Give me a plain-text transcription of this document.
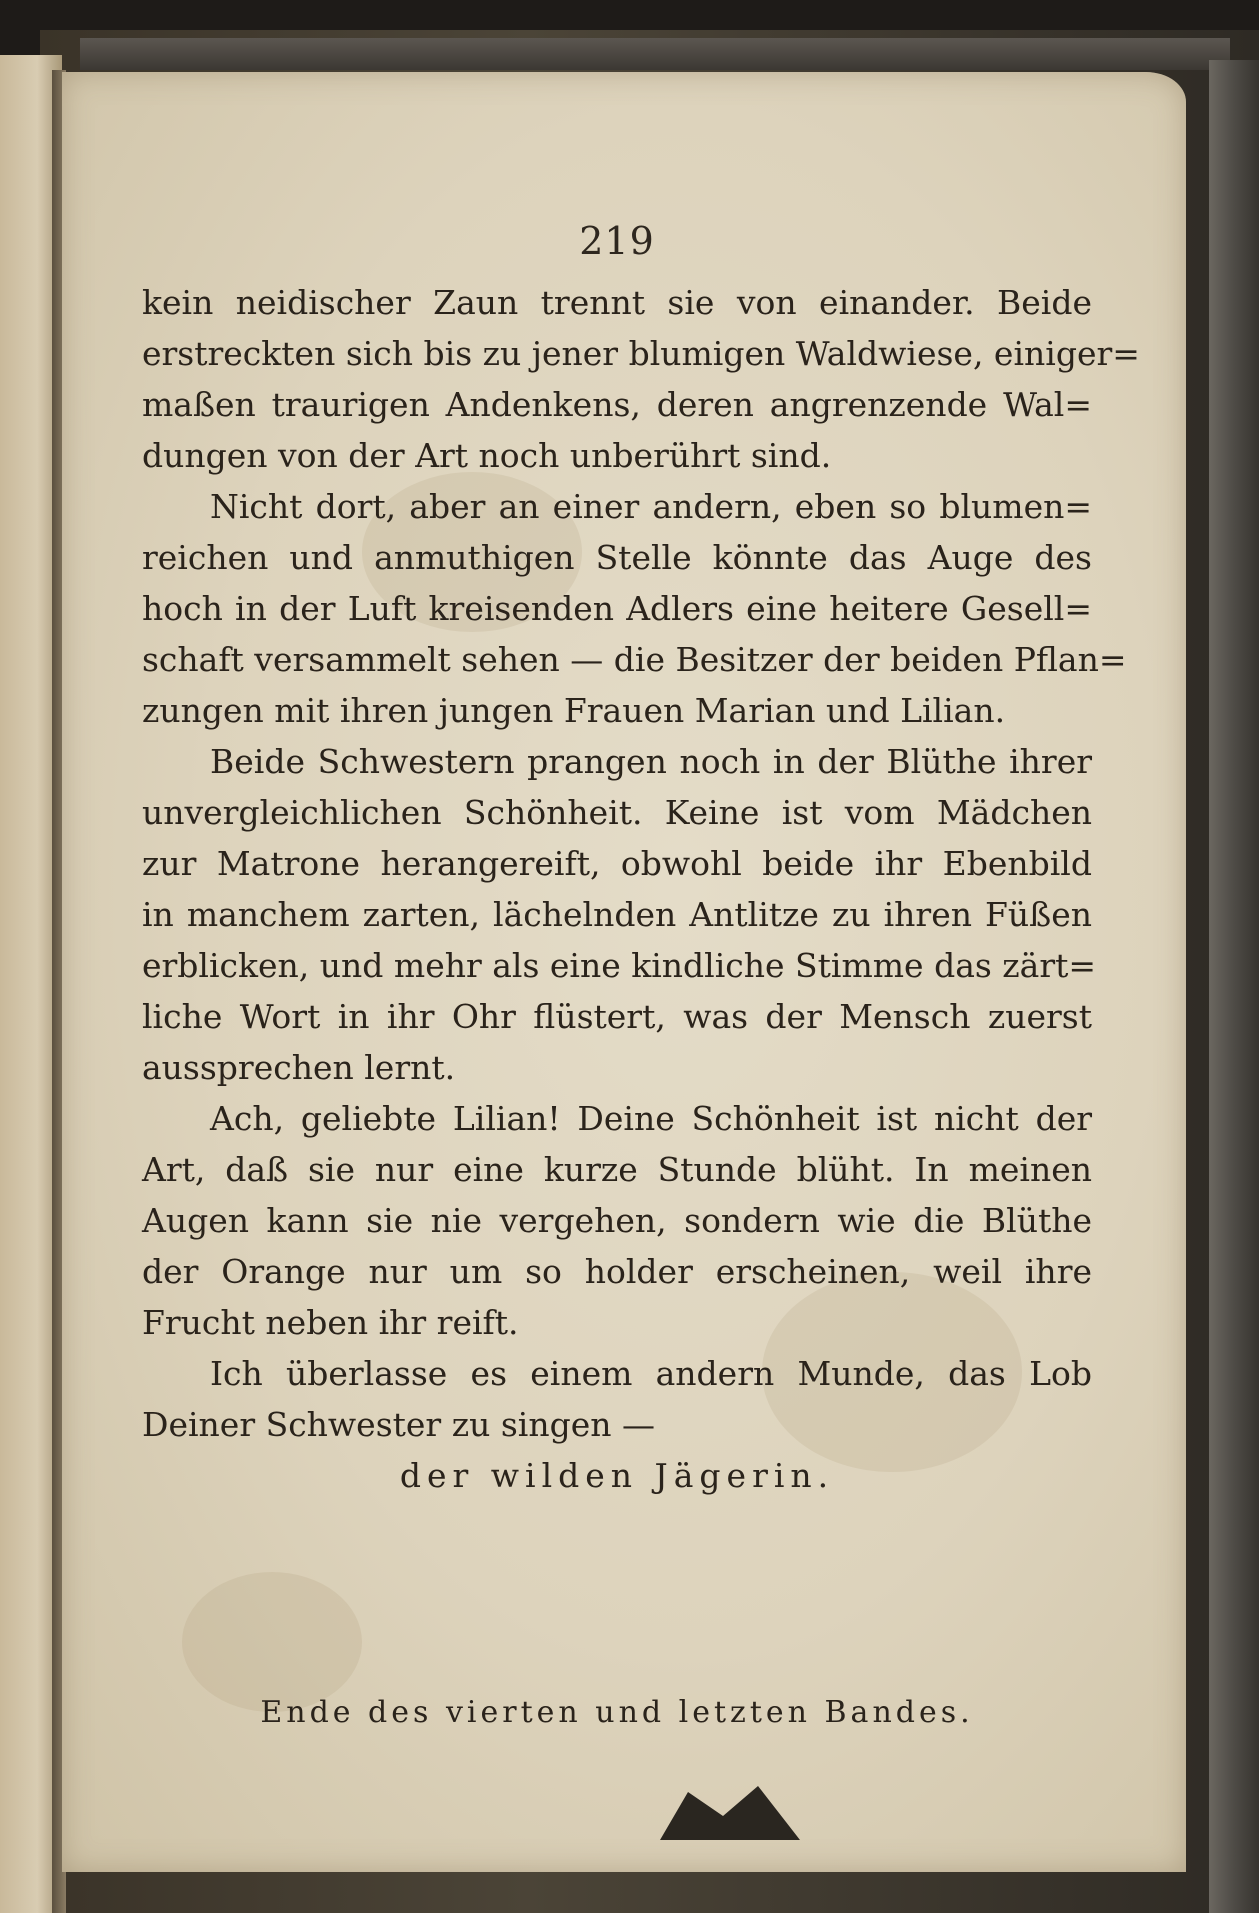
219
kein neidischer Zaun trennt sie von einander. Beide
erstreckten sich bis zu jener blumigen Waldwiese, einiger=
maßen traurigen Andenkens, deren angrenzende Wal=
dungen von der Art noch unberührt sind.
Nicht dort, aber an einer andern, eben so blumen=
reichen und anmuthigen Stelle könnte das Auge des
hoch in der Luft kreisenden Adlers eine heitere Gesell=
schaft versammelt sehen — die Besitzer der beiden Pflan=
zungen mit ihren jungen Frauen Marian und Lilian.
Beide Schwestern prangen noch in der Blüthe ihrer
unvergleichlichen Schönheit. Keine ist vom Mädchen
zur Matrone herangereift, obwohl beide ihr Ebenbild
in manchem zarten, lächelnden Antlitze zu ihren Füßen
erblicken, und mehr als eine kindliche Stimme das zärt=
liche Wort in ihr Ohr flüstert, was der Mensch zuerst
aussprechen lernt.
Ach, geliebte Lilian! Deine Schönheit ist nicht der
Art, daß sie nur eine kurze Stunde blüht. In meinen
Augen kann sie nie vergehen, sondern wie die Blüthe
der Orange nur um so holder erscheinen, weil ihre
Frucht neben ihr reift.
Ich überlasse es einem andern Munde, das Lob
Deiner Schwester zu singen —
der wilden Jägerin.
Ende des vierten und letzten Bandes.
